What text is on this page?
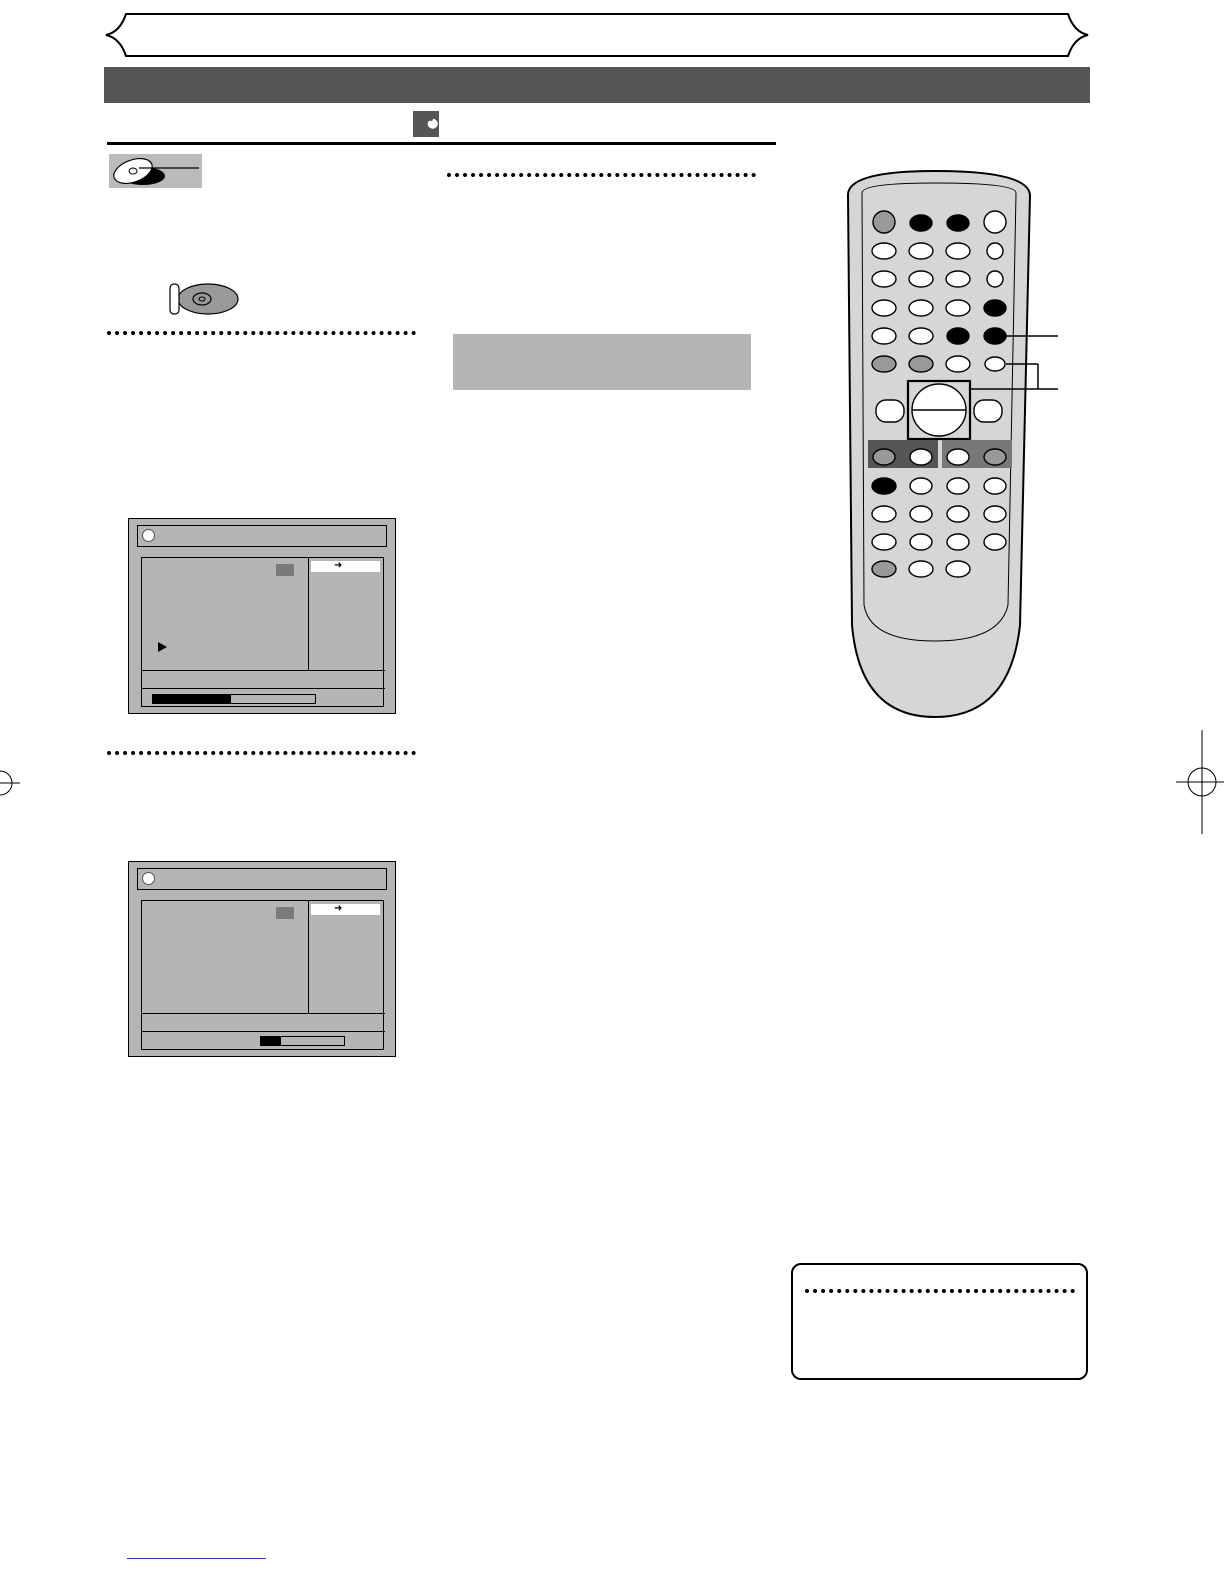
➜
➜
